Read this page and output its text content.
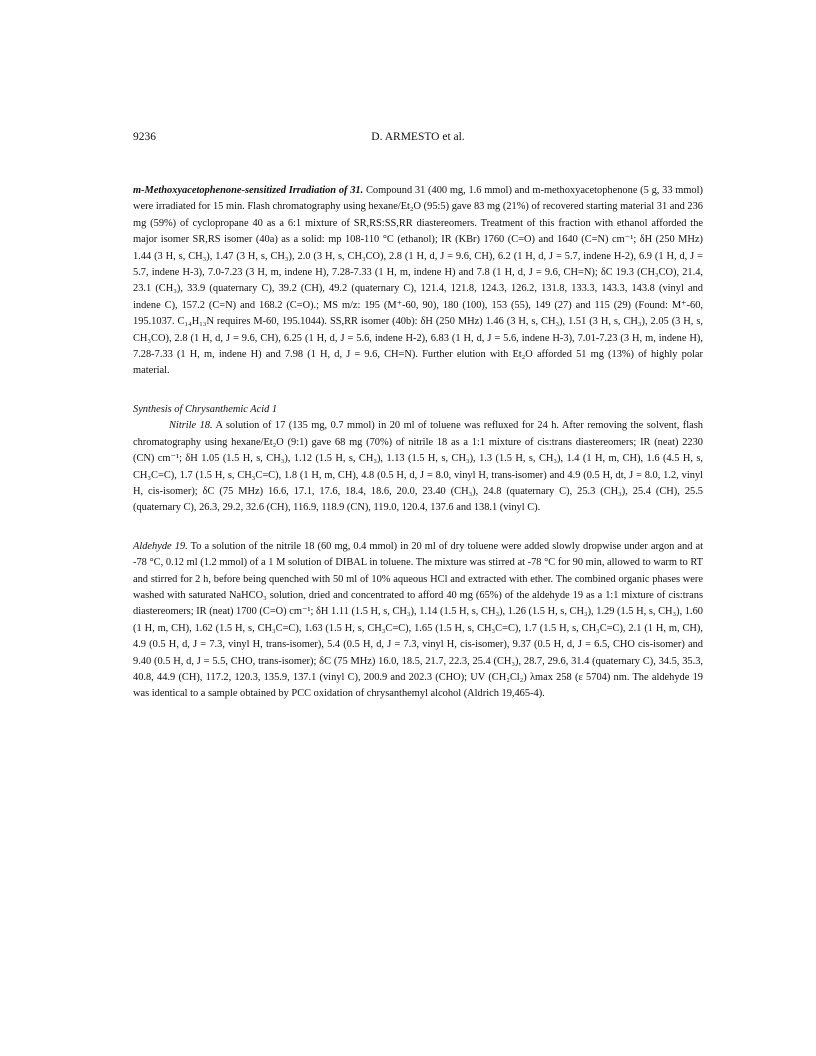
9236	D. ARMESTO et al.

m-Methoxyacetophenone-sensitized Irradiation of 31. Compound 31 (400 mg, 1.6 mmol) and m-methoxyacetophenone (5 g, 33 mmol) were irradiated for 15 min. Flash chromatography using hexane/Et₂O (95:5) gave 83 mg (21%) of recovered starting material 31 and 236 mg (59%) of cyclopropane 40 as a 6:1 mixture of SR,RS:SS,RR diastereomers. Treatment of this fraction with ethanol afforded the major isomer SR,RS isomer (40a) as a solid: mp 108-110 °C (ethanol); IR (KBr) 1760 (C=O) and 1640 (C=N) cm⁻¹; δH (250 MHz) 1.44 (3 H, s, CH₃), 1.47 (3 H, s, CH₃), 2.0 (3 H, s, CH₃CO), 2.8 (1 H, d, J = 9.6, CH), 6.2 (1 H, d, J = 5.7, indene H-2), 6.9 (1 H, d, J = 5.7, indene H-3), 7.0-7.23 (3 H, m, indene H), 7.28-7.33 (1 H, m, indene H) and 7.8 (1 H, d, J = 9.6, CH=N); δC 19.3 (CH₃CO), 21.4, 23.1 (CH₃), 33.9 (quaternary C), 39.2 (CH), 49.2 (quaternary C), 121.4, 121.8, 124.3, 126.2, 131.8, 133.3, 143.3, 143.8 (vinyl and indene C), 157.2 (C=N) and 168.2 (C=O).; MS m/z: 195 (M⁺-60, 90), 180 (100), 153 (55), 149 (27) and 115 (29) (Found: M⁺-60, 195.1037. C₁₄H₁₃N requires M-60, 195.1044). SS,RR isomer (40b): δH (250 MHz) 1.46 (3 H, s, CH₃), 1.51 (3 H, s, CH₃), 2.05 (3 H, s, CH₃CO), 2.8 (1 H, d, J = 9.6, CH), 6.25 (1 H, d, J = 5.6, indene H-2), 6.83 (1 H, d, J = 5.6, indene H-3), 7.01-7.23 (3 H, m, indene H), 7.28-7.33 (1 H, m, indene H) and 7.98 (1 H, d, J = 9.6, CH=N). Further elution with Et₂O afforded 51 mg (13%) of highly polar material.

Synthesis of Chrysanthemic Acid 1

Nitrile 18. A solution of 17 (135 mg, 0.7 mmol) in 20 ml of toluene was refluxed for 24 h. After removing the solvent, flash chromatography using hexane/Et₂O (9:1) gave 68 mg (70%) of nitrile 18 as a 1:1 mixture of cis:trans diastereomers; IR (neat) 2230 (CN) cm⁻¹; δH 1.05 (1.5 H, s, CH₃), 1.12 (1.5 H, s, CH₃), 1.13 (1.5 H, s, CH₃), 1.3 (1.5 H, s, CH₃), 1.4 (1 H, m, CH), 1.6 (4.5 H, s, CH₃C=C), 1.7 (1.5 H, s, CH₃C=C), 1.8 (1 H, m, CH), 4.8 (0.5 H, d, J = 8.0, vinyl H, trans-isomer) and 4.9 (0.5 H, dt, J = 8.0, 1.2, vinyl H, cis-isomer); δC (75 MHz) 16.6, 17.1, 17.6, 18.4, 18.6, 20.0, 23.40 (CH₃), 24.8 (quaternary C), 25.3 (CH₃), 25.4 (CH), 25.5 (quaternary C), 26.3, 29.2, 32.6 (CH), 116.9, 118.9 (CN), 119.0, 120.4, 137.6 and 138.1 (vinyl C).

Aldehyde 19. To a solution of the nitrile 18 (60 mg, 0.4 mmol) in 20 ml of dry toluene were added slowly dropwise under argon and at -78 °C, 0.12 ml (1.2 mmol) of a 1 M solution of DIBAL in toluene. The mixture was stirred at -78 °C for 90 min, allowed to warm to RT and stirred for 2 h, before being quenched with 50 ml of 10% aqueous HCl and extracted with ether. The combined organic phases were washed with saturated NaHCO₃ solution, dried and concentrated to afford 40 mg (65%) of the aldehyde 19 as a 1:1 mixture of cis:trans diastereomers; IR (neat) 1700 (C=O) cm⁻¹; δH 1.11 (1.5 H, s, CH₃), 1.14 (1.5 H, s, CH₃), 1.26 (1.5 H, s, CH₃), 1.29 (1.5 H, s, CH₃), 1.60 (1 H, m, CH), 1.62 (1.5 H, s, CH₃C=C), 1.63 (1.5 H, s, CH₃C=C), 1.65 (1.5 H, s, CH₃C=C), 1.7 (1.5 H, s, CH₃C=C), 2.1 (1 H, m, CH), 4.9 (0.5 H, d, J = 7.3, vinyl H, trans-isomer), 5.4 (0.5 H, d, J = 7.3, vinyl H, cis-isomer), 9.37 (0.5 H, d, J = 6.5, CHO cis-isomer) and 9.40 (0.5 H, d, J = 5.5, CHO, trans-isomer); δC (75 MHz) 16.0, 18.5, 21.7, 22.3, 25.4 (CH₃), 28.7, 29.6, 31.4 (quaternary C), 34.5, 35.3, 40.8, 44.9 (CH), 117.2, 120.3, 135.9, 137.1 (vinyl C), 200.9 and 202.3 (CHO); UV (CH₂Cl₂) λmax 258 (ε 5704) nm. The aldehyde 19 was identical to a sample obtained by PCC oxidation of chrysanthemyl alcohol (Aldrich 19,465-4).
